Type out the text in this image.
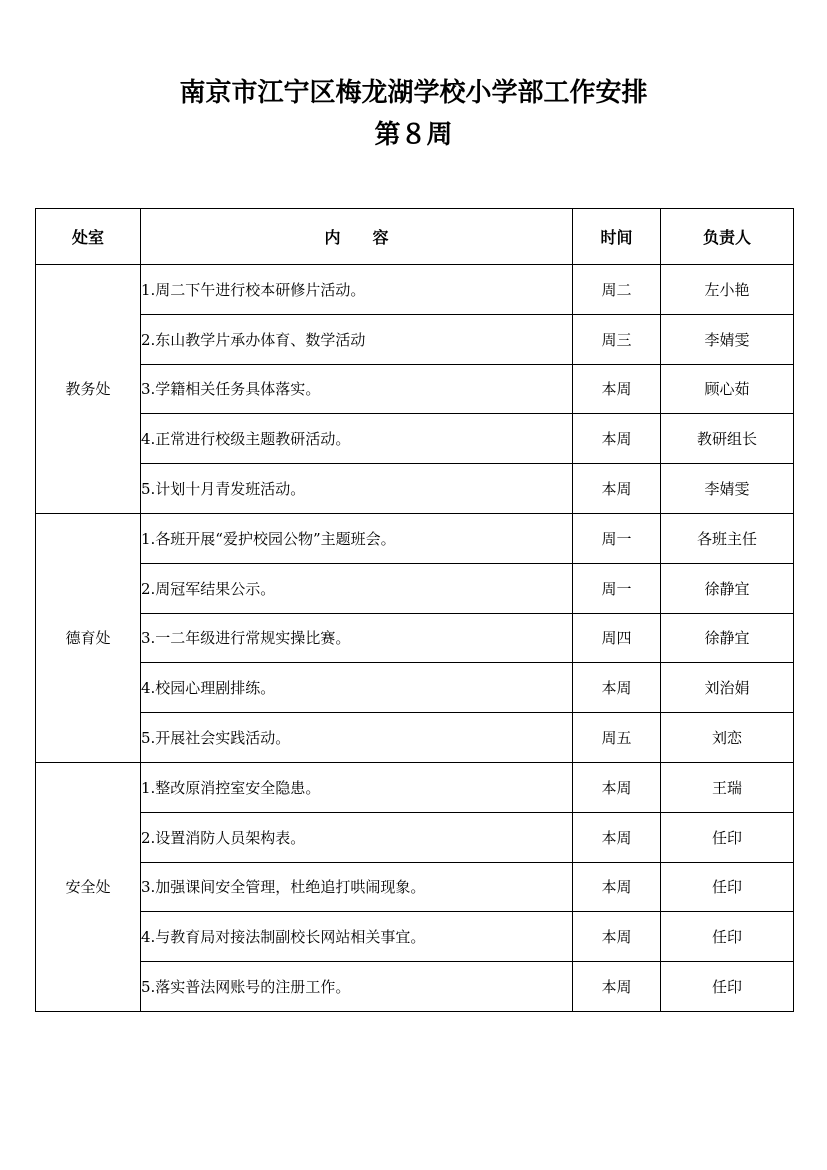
南京市江宁区梅龙湖学校小学部工作安排
第８周
处室	内　　容	时间	负责人
教务处	1.周二下午进行校本研修片活动。	周二	左小艳
	2.东山教学片承办体育、数学活动	周三	李婧雯
	3.学籍相关任务具体落实。	本周	顾心茹
	4.正常进行校级主题教研活动。	本周	教研组长
	5.计划十月青发班活动。	本周	李婧雯
德育处	1.各班开展“爱护校园公物”主题班会。	周一	各班主任
	2.周冠军结果公示。	周一	徐静宜
	3.一二年级进行常规实操比赛。	周四	徐静宜
	4.校园心理剧排练。	本周	刘治娟
	5.开展社会实践活动。	周五	刘恋
安全处	1.整改原消控室安全隐患。	本周	王瑞
	2.设置消防人员架构表。	本周	任印
	3.加强课间安全管理，杜绝追打哄闹现象。	本周	任印
	4.与教育局对接法制副校长网站相关事宜。	本周	任印
	5.落实普法网账号的注册工作。	本周	任印
